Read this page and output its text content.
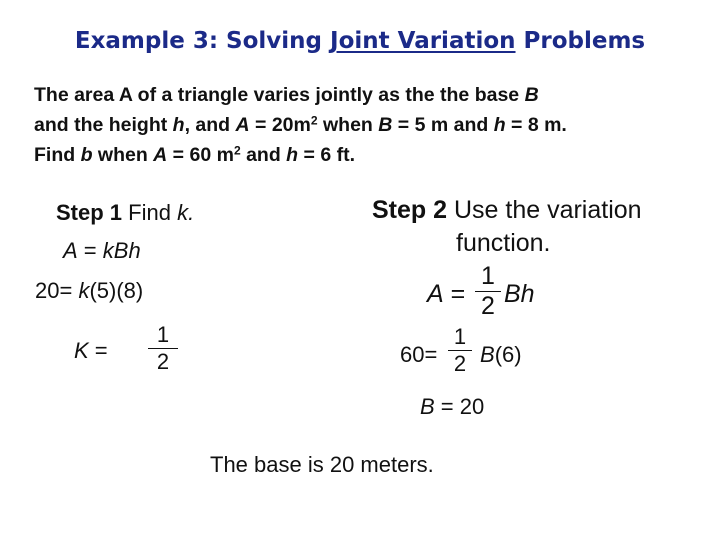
Example 3: Solving Joint Variation Problems
The area A of a triangle varies jointly as the the base B
and the height h, and $A = 20m^2$ when B = 5 m and h = 8 m.
Find b when A = 60 $m^2$ and h = 6 ft.
Step 1 Find k.
A = kBh
20= k(5)(8)
K =
1
2
Step 2 Use the variation
function.
A =
1
2 Bh
60=
1
2 B(6)
B = 20
The base is 20 meters.
